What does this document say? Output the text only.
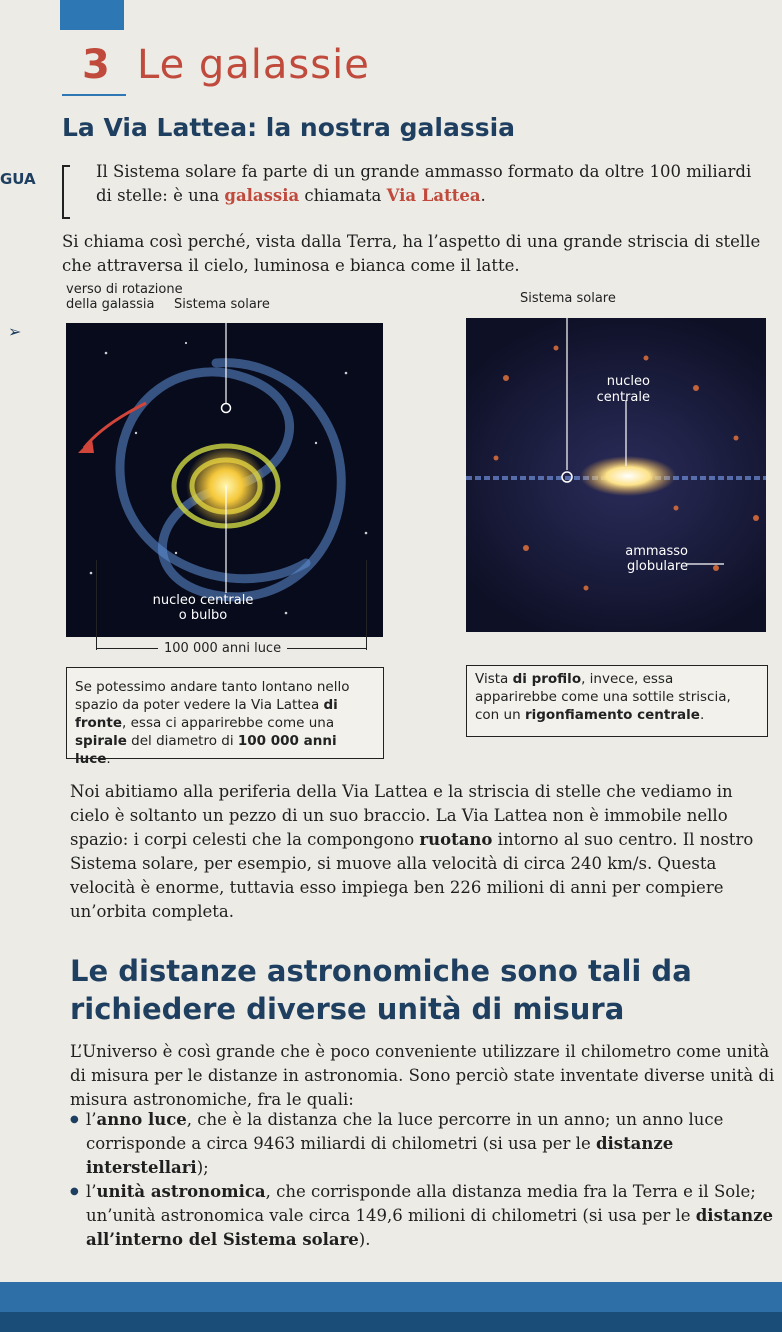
3 Le galassie
La Via Lattea: la nostra galassia
GUA	Il Sistema solare fa parte di un grande ammasso formato da oltre 100 miliardi di stelle: è una galassia chiamata Via Lattea.
Si chiama così perché, vista dalla Terra, ha l’aspetto di una grande striscia di stelle che attraversa il cielo, luminosa e bianca come il latte.
verso di rotazione
della galassia Sistema solare
➢
nucleo centrale
o bulbo
100 000 anni luce
Sistema solare
nucleo
centrale
ammasso
globulare
Se potessimo andare tanto lontano nello spazio da poter vedere la Via Lattea di fronte, essa ci apparirebbe come una spirale del diametro di 100 000 anni luce.
Vista di profilo, invece, essa apparirebbe come una sottile striscia, con un rigonfiamento centrale.
Noi abitiamo alla periferia della Via Lattea e la striscia di stelle che vediamo in cielo è soltanto un pezzo di un suo braccio. La Via Lattea non è immobile nello spazio: i corpi celesti che la compongono ruotano intorno al suo centro. Il nostro Sistema solare, per esempio, si muove alla velocità di circa 240 km/s. Questa velocità è enorme, tuttavia esso impiega ben 226 milioni di anni per compiere un’orbita completa.
Le distanze astronomiche sono tali da richiedere diverse unità di misura
L’Universo è così grande che è poco conveniente utilizzare il chilometro come unità di misura per le distanze in astronomia. Sono perciò state inventate diverse unità di misura astronomiche, fra le quali:
● l’anno luce, che è la distanza che la luce percorre in un anno; un anno luce corrisponde a circa 9463 miliardi di chilometri (si usa per le distanze interstellari);
● l’unità astronomica, che corrisponde alla distanza media fra la Terra e il Sole; un’unità astronomica vale circa 149,6 milioni di chilometri (si usa per le distanze all’interno del Sistema solare).
